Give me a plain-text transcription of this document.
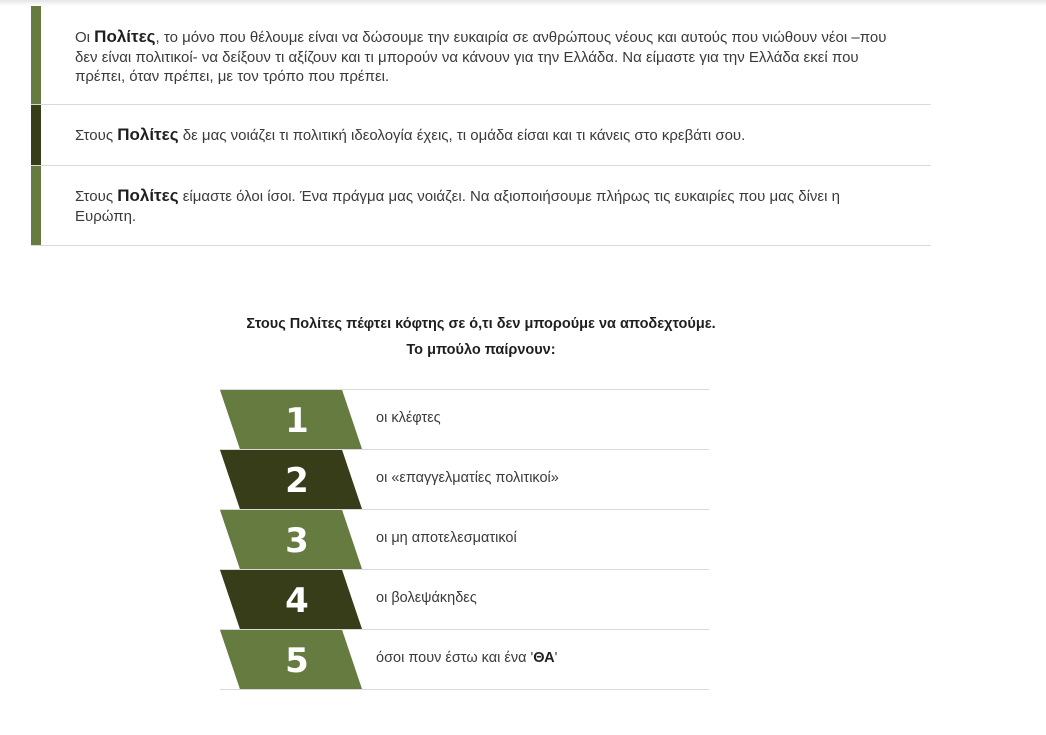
Οι Πολίτες, το μόνο που θέλουμε είναι να δώσουμε την ευκαιρία σε ανθρώπους νέους και αυτούς που νιώθουν νέοι –που δεν είναι πολιτικοί- να δείξουν τι αξίζουν και τι μπορούν να κάνουν για την Ελλάδα. Να είμαστε για την Ελλάδα εκεί που πρέπει, όταν πρέπει, με τον τρόπο που πρέπει.
Στους Πολίτες δε μας νοιάζει τι πολιτική ιδεολογία έχεις, τι ομάδα είσαι και τι κάνεις στο κρεβάτι σου.
Στους Πολίτες είμαστε όλοι ίσοι. Ένα πράγμα μας νοιάζει. Να αξιοποιήσουμε πλήρως τις ευκαιρίες που μας δίνει η Ευρώπη.
Στους Πολίτες πέφτει κόφτης σε ό,τι δεν μπορούμε να αποδεχτούμε.
Το μπούλο παίρνουν:
1	οι κλέφτες
2	οι «επαγγελματίες πολιτικοί»
3	οι μη αποτελεσματικοί
4	οι βολεψάκηδες
5	όσοι πουν έστω και ένα 'ΘΑ'
